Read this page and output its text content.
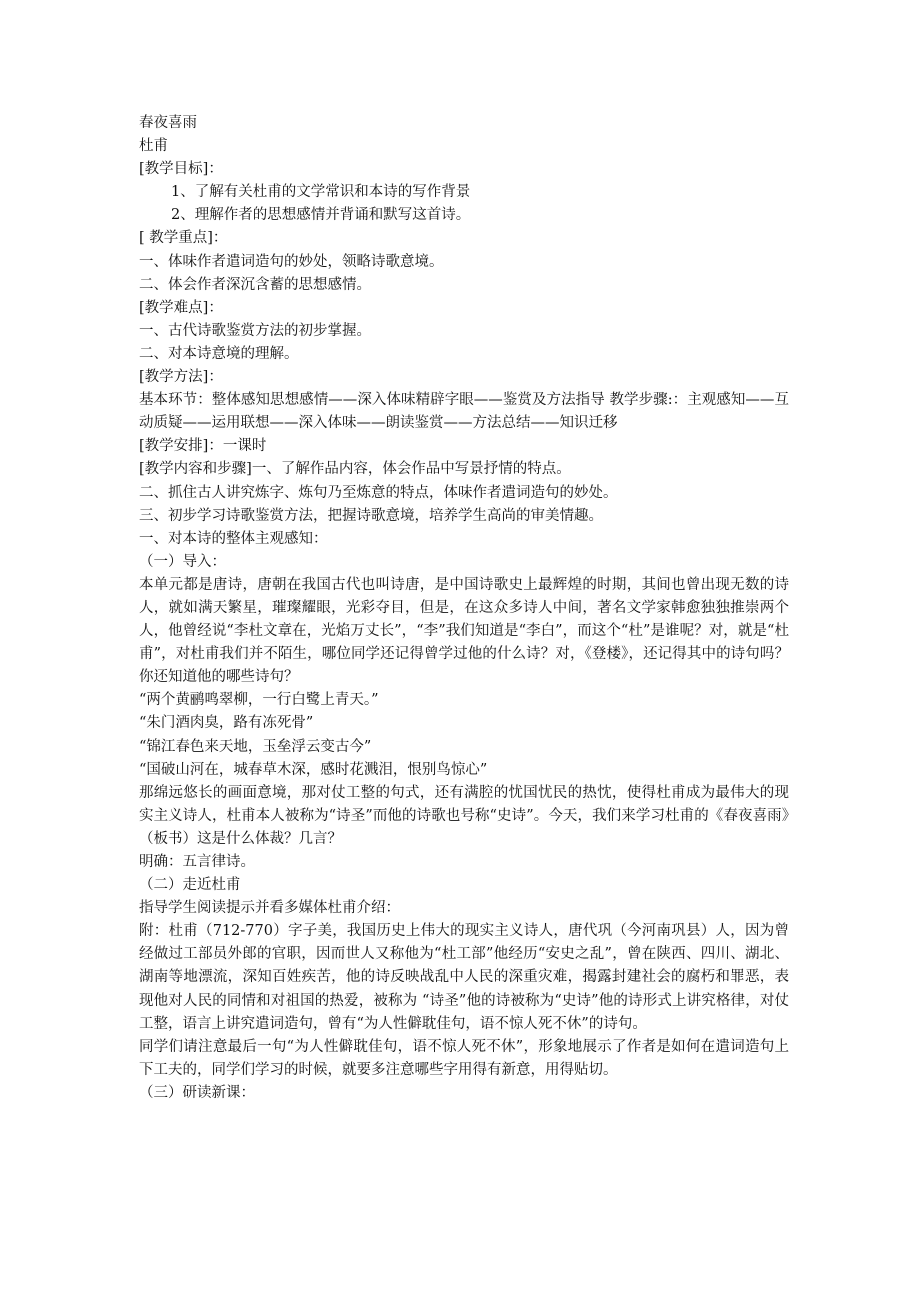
春夜喜雨
杜甫
[教学目标]：
1、了解有关杜甫的文学常识和本诗的写作背景
2、理解作者的思想感情并背诵和默写这首诗。
[ 教学重点]：
一、体味作者遣词造句的妙处，领略诗歌意境。
二、体会作者深沉含蓄的思想感情。
[教学难点]：
一、古代诗歌鉴赏方法的初步掌握。
二、对本诗意境的理解。
[教学方法]：
基本环节：整体感知思想感情——深入体味精辟字眼——鉴赏及方法指导 教学步骤:：主观感知——互动质疑——运用联想——深入体味——朗读鉴赏——方法总结——知识迁移
[教学安排]：一课时
[教学内容和步骤]一、了解作品内容，体会作品中写景抒情的特点。
二、抓住古人讲究炼字、炼句乃至炼意的特点，体味作者遣词造句的妙处。
三、初步学习诗歌鉴赏方法，把握诗歌意境，培养学生高尚的审美情趣。
一、对本诗的整体主观感知：
（一）导入：
本单元都是唐诗，唐朝在我国古代也叫诗唐，是中国诗歌史上最辉煌的时期，其间也曾出现无数的诗人，就如满天繁星，璀璨耀眼，光彩夺目，但是，在这众多诗人中间，著名文学家韩愈独独推崇两个人，他曾经说“李杜文章在，光焰万丈长”，“李”我们知道是“李白”，而这个“杜”是谁呢？对，就是“杜甫”，对杜甫我们并不陌生，哪位同学还记得曾学过他的什么诗？对，《登楼》，还记得其中的诗句吗？你还知道他的哪些诗句？
“两个黄鹂鸣翠柳，一行白鹭上青天。”
“朱门酒肉臭，路有冻死骨”
“锦江春色来天地，玉垒浮云变古今”
“国破山河在，城春草木深，感时花溅泪，恨别鸟惊心”
那绵远悠长的画面意境，那对仗工整的句式，还有满腔的忧国忧民的热忱，使得杜甫成为最伟大的现实主义诗人，杜甫本人被称为“诗圣”而他的诗歌也号称“史诗”。今天，我们来学习杜甫的《春夜喜雨》（板书）这是什么体裁？几言？
明确：五言律诗。
（二）走近杜甫
指导学生阅读提示并看多媒体杜甫介绍：
附：杜甫（712-770）字子美，我国历史上伟大的现实主义诗人，唐代巩（今河南巩县）人，因为曾经做过工部员外郎的官职，因而世人又称他为“杜工部”他经历“安史之乱”，曾在陕西、四川、湖北、湖南等地漂流，深知百姓疾苦，他的诗反映战乱中人民的深重灾难，揭露封建社会的腐朽和罪恶，表现他对人民的同情和对祖国的热爱，被称为 “诗圣”他的诗被称为“史诗”他的诗形式上讲究格律，对仗工整，语言上讲究遣词造句，曾有“为人性僻耽佳句，语不惊人死不休”的诗句。
同学们请注意最后一句“为人性僻耽佳句，语不惊人死不休”，形象地展示了作者是如何在遣词造句上下工夫的，同学们学习的时候，就要多注意哪些字用得有新意，用得贴切。
（三）研读新课：
